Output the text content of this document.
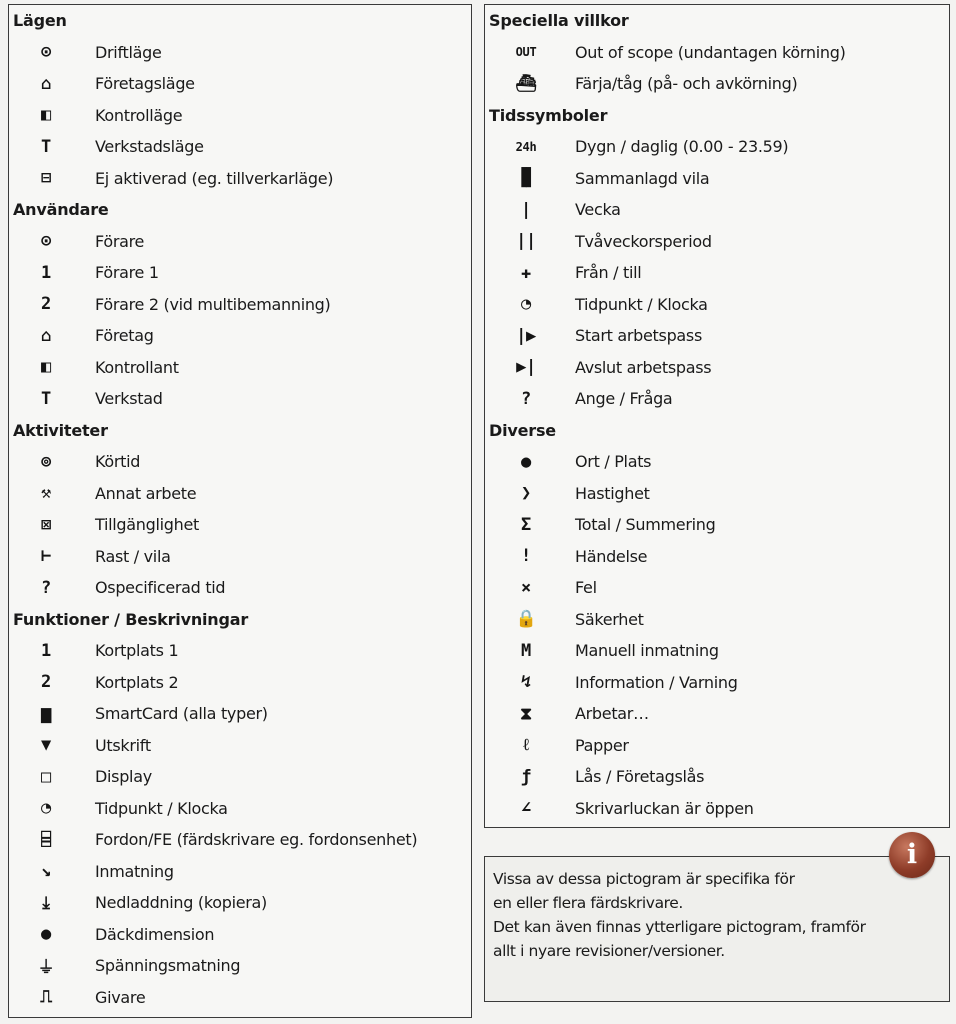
Lägen
⊙	Driftläge
⌂	Företagsläge
◧	Kontrolläge
T	Verkstadsläge
⊟	Ej aktiverad (eg. tillverkarläge)
Användare
⊙	Förare
1	Förare 1
2	Förare 2 (vid multibemanning)
⌂	Företag
◧	Kontrollant
T	Verkstad
Aktiviteter
⊚	Körtid
⚒	Annat arbete
⊠	Tillgänglighet
⊢	Rast / vila
?	Ospecificerad tid
Funktioner / Beskrivningar
1	Kortplats 1
2	Kortplats 2
▆	SmartCard (alla typer)
▼	Utskrift
□	Display
◔	Tidpunkt / Klocka
⌸	Fordon/FE (färdskrivare eg. fordonsenhet)
↘	Inmatning
⤓	Nedladdning (kopiera)
●	Däckdimension
⏚	Spänningsmatning
⎍	Givare
Speciella villkor
OUT	Out of scope (undantagen körning)
⛴	Färja/tåg (på- och avkörning)
Tidssymboler
24h	Dygn / daglig (0.00 - 23.59)
▐▌	Sammanlagd vila
|	Vecka
||	Tvåveckorsperiod
✚	Från / till
◔	Tidpunkt / Klocka
|▶	Start arbetspass
▶|	Avslut arbetspass
?	Ange / Fråga
Diverse
●	Ort / Plats
❯	Hastighet
Σ	Total / Summering
!	Händelse
×	Fel
🔒	Säkerhet
M	Manuell inmatning
↯	Information / Varning
⧗	Arbetar…
ℓ	Papper
ƒ	Lås / Företagslås
∠	Skrivarluckan är öppen

Vissa av dessa pictogram är specifika för

en eller flera färdskrivare.

Det kan även finnas ytterligare pictogram, framför

allt i nyare revisioner/versioner.

i
